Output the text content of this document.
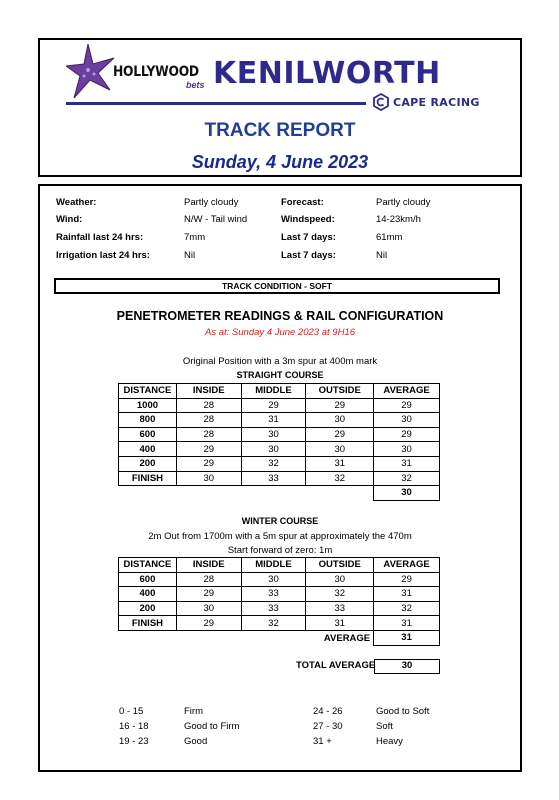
HOLLYWOOD
bets KENILWORTH
CAPE RACING
TRACK REPORT
Sunday, 4 June 2023
Weather:	Partly cloudy	Forecast:	Partly cloudy
Wind:	N/W - Tail wind	Windspeed:	14-23km/h
Rainfall last 24 hrs:	7mm	Last 7 days:	61mm
Irrigation last 24 hrs:	Nil	Last 7 days:	Nil
TRACK CONDITION - SOFT
PENETROMETER READINGS & RAIL CONFIGURATION
As at: Sunday 4 June 2023 at 9H16
Original Position with a 3m spur at 400m mark
STRAIGHT COURSE
DISTANCE	INSIDE	MIDDLE	OUTSIDE	AVERAGE
1000	28	29	29	29
800	28	31	30	30
600	28	30	29	29
400	29	30	30	30
200	29	32	31	31
FINISH	30	33	32	32
				30
WINTER COURSE
2m Out from 1700m with a 5m spur at approximately the 470m
Start forward of zero: 1m
DISTANCE	INSIDE	MIDDLE	OUTSIDE	AVERAGE
600	28	30	30	29
400	29	33	32	31
200	30	33	33	32
FINISH	29	32	31	31
			AVERAGE	31
TOTAL AVERAGE	30
0 - 15	Firm
16 - 18	Good to Firm
19 - 23	Good
24 - 26	Good to Soft
27 - 30	Soft
31 +	Heavy
